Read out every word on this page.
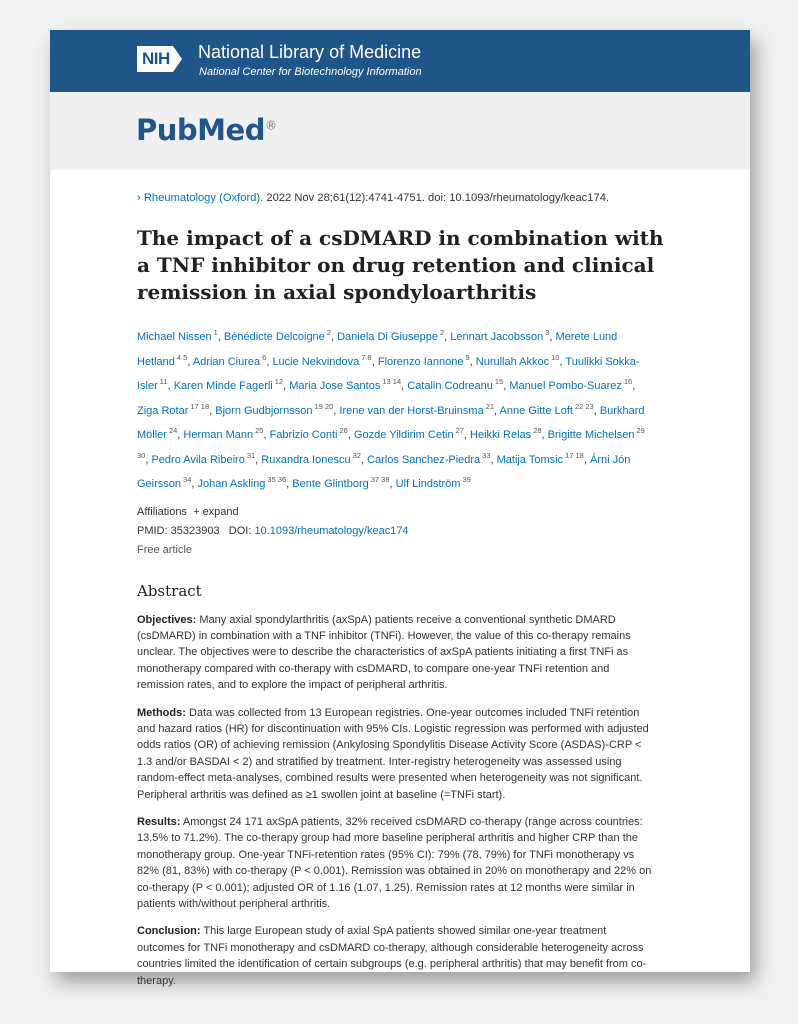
NIH National Library of Medicine
National Center for Biotechnology Information
PubMed®
› Rheumatology (Oxford). 2022 Nov 28;61(12):4741-4751. doi: 10.1093/rheumatology/keac174.
The impact of a csDMARD in combination with a TNF inhibitor on drug retention and clinical remission in axial spondyloarthritis
Michael Nissen $^1$, Bénédicte Delcoigne $^2$, Daniela Di Giuseppe $^2$, Lennart Jacobsson $^3$, Merete Lund Hetland $^{4 5}$, Adrian Ciurea $^6$, Lucie Nekvindova $^{7 8}$, Florenzo Iannone $^9$, Nurullah Akkoc $^{10}$, Tuulikki Sokka-Isler $^{11}$, Karen Minde Fagerli $^{12}$, Maria Jose Santos $^{13 14}$, Catalin Codreanu $^{15}$, Manuel Pombo-Suarez $^{16}$, Ziga Rotar $^{17 18}$, Bjorn Gudbjornsson $^{19 20}$, Irene van der Horst-Bruinsma $^{21}$, Anne Gitte Loft $^{22 23}$, Burkhard Möller $^{24}$, Herman Mann $^{25}$, Fabrizio Conti $^{26}$, Gozde Yildirim Cetin $^{27}$, Heikki Relas $^{28}$, Brigitte Michelsen $^{29 30}$, Pedro Avila Ribeiro $^{31}$, Ruxandra Ionescu $^{32}$, Carlos Sanchez-Piedra $^{33}$, Matija Tomsic $^{17 18}$, Árni Jón Geirsson $^{34}$, Johan Askling $^{35 36}$, Bente Glintborg $^{37 38}$, Ulf Lindström $^{39}$
Affiliations + expand
PMID: 35323903 DOI: 10.1093/rheumatology/keac174
Free article
Abstract
Objectives: Many axial spondylarthritis (axSpA) patients receive a conventional synthetic DMARD (csDMARD) in combination with a TNF inhibitor (TNFi). However, the value of this co-therapy remains unclear. The objectives were to describe the characteristics of axSpA patients initiating a first TNFi as monotherapy compared with co-therapy with csDMARD, to compare one-year TNFi retention and remission rates, and to explore the impact of peripheral arthritis.
Methods: Data was collected from 13 European registries. One-year outcomes included TNFi retention and hazard ratios (HR) for discontinuation with 95% CIs. Logistic regression was performed with adjusted odds ratios (OR) of achieving remission (Ankylosing Spondylitis Disease Activity Score (ASDAS)-CRP < 1.3 and/or BASDAI < 2) and stratified by treatment. Inter-registry heterogeneity was assessed using random-effect meta-analyses, combined results were presented when heterogeneity was not significant. Peripheral arthritis was defined as ≥1 swollen joint at baseline (=TNFi start).
Results: Amongst 24 171 axSpA patients, 32% received csDMARD co-therapy (range across countries: 13.5% to 71.2%). The co-therapy group had more baseline peripheral arthritis and higher CRP than the monotherapy group. One-year TNFi-retention rates (95% CI): 79% (78, 79%) for TNFi monotherapy vs 82% (81, 83%) with co-therapy (P < 0.001). Remission was obtained in 20% on monotherapy and 22% on co-therapy (P < 0.001); adjusted OR of 1.16 (1.07, 1.25). Remission rates at 12 months were similar in patients with/without peripheral arthritis.
Conclusion: This large European study of axial SpA patients showed similar one-year treatment outcomes for TNFi monotherapy and csDMARD co-therapy, although considerable heterogeneity across countries limited the identification of certain subgroups (e.g. peripheral arthritis) that may benefit from co-therapy.
